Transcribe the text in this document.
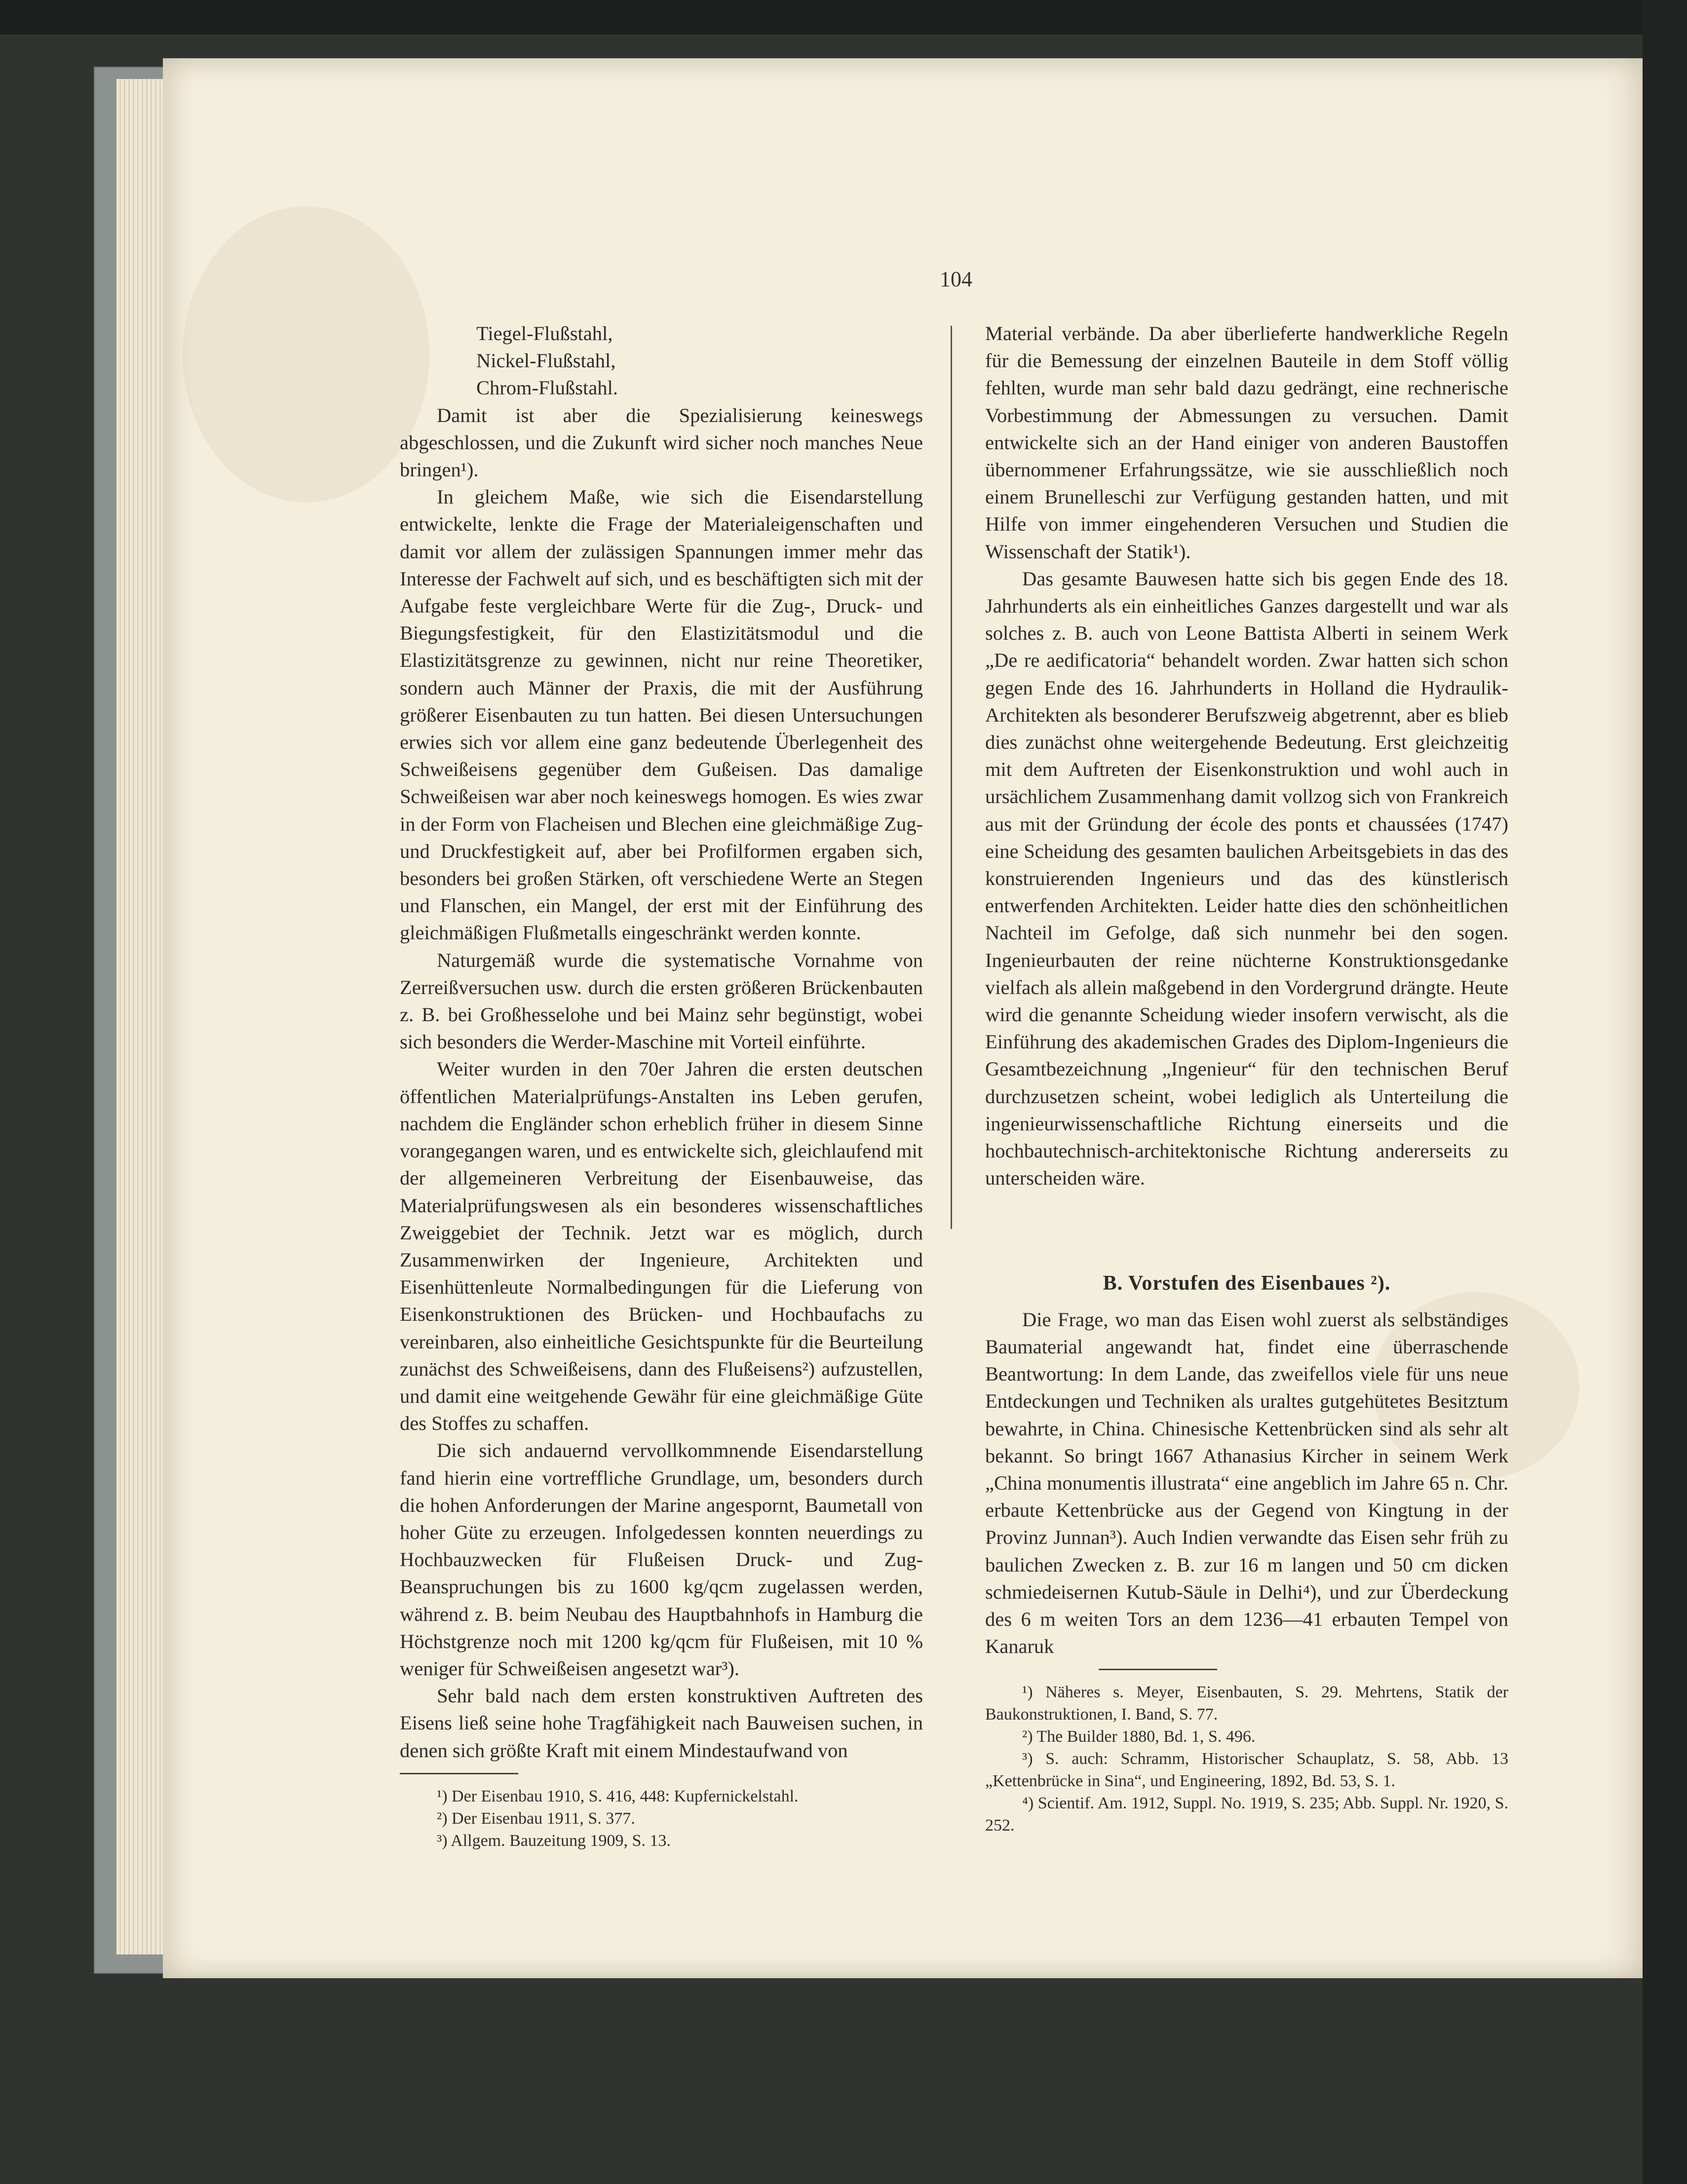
104

Tiegel-Flußstahl,

Nickel-Flußstahl,

Chrom-Flußstahl.

Damit ist aber die Spezialisierung keineswegs abgeschlossen, und die Zukunft wird sicher noch manches Neue bringen¹).

In gleichem Maße, wie sich die Eisendarstellung entwickelte, lenkte die Frage der Materialeigenschaften und damit vor allem der zulässigen Spannungen immer mehr das Interesse der Fachwelt auf sich, und es beschäftigten sich mit der Aufgabe feste vergleichbare Werte für die Zug-, Druck- und Biegungsfestigkeit, für den Elastizitätsmodul und die Elastizitätsgrenze zu gewinnen, nicht nur reine Theoretiker, sondern auch Männer der Praxis, die mit der Ausführung größerer Eisenbauten zu tun hatten. Bei diesen Untersuchungen erwies sich vor allem eine ganz bedeutende Überlegenheit des Schweißeisens gegenüber dem Gußeisen. Das damalige Schweißeisen war aber noch keineswegs homogen. Es wies zwar in der Form von Flacheisen und Blechen eine gleichmäßige Zug- und Druckfestigkeit auf, aber bei Profilformen ergaben sich, besonders bei großen Stärken, oft verschiedene Werte an Stegen und Flanschen, ein Mangel, der erst mit der Einführung des gleichmäßigen Flußmetalls eingeschränkt werden konnte.

Naturgemäß wurde die systematische Vornahme von Zerreißversuchen usw. durch die ersten größeren Brückenbauten z. B. bei Großhesselohe und bei Mainz sehr begünstigt, wobei sich besonders die Werder-Maschine mit Vorteil einführte.

Weiter wurden in den 70er Jahren die ersten deutschen öffentlichen Materialprüfungs-Anstalten ins Leben gerufen, nachdem die Engländer schon erheblich früher in diesem Sinne vorangegangen waren, und es entwickelte sich, gleichlaufend mit der allgemeineren Verbreitung der Eisenbauweise, das Materialprüfungswesen als ein besonderes wissenschaftliches Zweiggebiet der Technik. Jetzt war es möglich, durch Zusammenwirken der Ingenieure, Architekten und Eisenhüttenleute Normalbedingungen für die Lieferung von Eisenkonstruktionen des Brücken- und Hochbaufachs zu vereinbaren, also einheitliche Gesichtspunkte für die Beurteilung zunächst des Schweißeisens, dann des Flußeisens²) aufzustellen, und damit eine weitgehende Gewähr für eine gleichmäßige Güte des Stoffes zu schaffen.

Die sich andauernd vervollkommnende Eisendarstellung fand hierin eine vortreffliche Grundlage, um, besonders durch die hohen Anforderungen der Marine angespornt, Baumetall von hoher Güte zu erzeugen. Infolgedessen konnten neuerdings zu Hochbauzwecken für Flußeisen Druck- und Zug-Beanspruchungen bis zu 1600 kg/qcm zugelassen werden, während z. B. beim Neubau des Hauptbahnhofs in Hamburg die Höchstgrenze noch mit 1200 kg/qcm für Flußeisen, mit 10 % weniger für Schweißeisen angesetzt war³).

Sehr bald nach dem ersten konstruktiven Auftreten des Eisens ließ seine hohe Tragfähigkeit nach Bauweisen suchen, in denen sich größte Kraft mit einem Mindestaufwand von

¹) Der Eisenbau 1910, S. 416, 448: Kupfernickelstahl.

²) Der Eisenbau 1911, S. 377.

³) Allgem. Bauzeitung 1909, S. 13.

Material verbände. Da aber überlieferte handwerkliche Regeln für die Bemessung der einzelnen Bauteile in dem Stoff völlig fehlten, wurde man sehr bald dazu gedrängt, eine rechnerische Vorbestimmung der Abmessungen zu versuchen. Damit entwickelte sich an der Hand einiger von anderen Baustoffen übernommener Erfahrungssätze, wie sie ausschließlich noch einem Brunelleschi zur Verfügung gestanden hatten, und mit Hilfe von immer eingehenderen Versuchen und Studien die Wissenschaft der Statik¹).

Das gesamte Bauwesen hatte sich bis gegen Ende des 18. Jahrhunderts als ein einheitliches Ganzes dargestellt und war als solches z. B. auch von Leone Battista Alberti in seinem Werk „De re aedificatoria“ behandelt worden. Zwar hatten sich schon gegen Ende des 16. Jahrhunderts in Holland die Hydraulik-Architekten als besonderer Berufszweig abgetrennt, aber es blieb dies zunächst ohne weitergehende Bedeutung. Erst gleichzeitig mit dem Auftreten der Eisenkonstruktion und wohl auch in ursächlichem Zusammenhang damit vollzog sich von Frankreich aus mit der Gründung der école des ponts et chaussées (1747) eine Scheidung des gesamten baulichen Arbeitsgebiets in das des konstruierenden Ingenieurs und das des künstlerisch entwerfenden Architekten. Leider hatte dies den schönheitlichen Nachteil im Gefolge, daß sich nunmehr bei den sogen. Ingenieurbauten der reine nüchterne Konstruktionsgedanke vielfach als allein maßgebend in den Vordergrund drängte. Heute wird die genannte Scheidung wieder insofern verwischt, als die Einführung des akademischen Grades des Diplom-Ingenieurs die Gesamtbezeichnung „Ingenieur“ für den technischen Beruf durchzusetzen scheint, wobei lediglich als Unterteilung die ingenieurwissenschaftliche Richtung einerseits und die hochbautechnisch-architektonische Richtung andererseits zu unterscheiden wäre.

B. Vorstufen des Eisenbaues ²).

Die Frage, wo man das Eisen wohl zuerst als selbständiges Baumaterial angewandt hat, findet eine überraschende Beantwortung: In dem Lande, das zweifellos viele für uns neue Entdeckungen und Techniken als uraltes gutgehütetes Besitztum bewahrte, in China. Chinesische Kettenbrücken sind als sehr alt bekannt. So bringt 1667 Athanasius Kircher in seinem Werk „China monumentis illustrata“ eine angeblich im Jahre 65 n. Chr. erbaute Kettenbrücke aus der Gegend von Kingtung in der Provinz Junnan³). Auch Indien verwandte das Eisen sehr früh zu baulichen Zwecken z. B. zur 16 m langen und 50 cm dicken schmiedeisernen Kutub-Säule in Delhi⁴), und zur Überdeckung des 6 m weiten Tors an dem 1236—41 erbauten Tempel von Kanaruk

¹) Näheres s. Meyer, Eisenbauten, S. 29. Mehrtens, Statik der Baukonstruktionen, I. Band, S. 77.

²) The Builder 1880, Bd. 1, S. 496.

³) S. auch: Schramm, Historischer Schauplatz, S. 58, Abb. 13 „Kettenbrücke in Sina“, und Engineering, 1892, Bd. 53, S. 1.

⁴) Scientif. Am. 1912, Suppl. No. 1919, S. 235; Abb. Suppl. Nr. 1920, S. 252.
